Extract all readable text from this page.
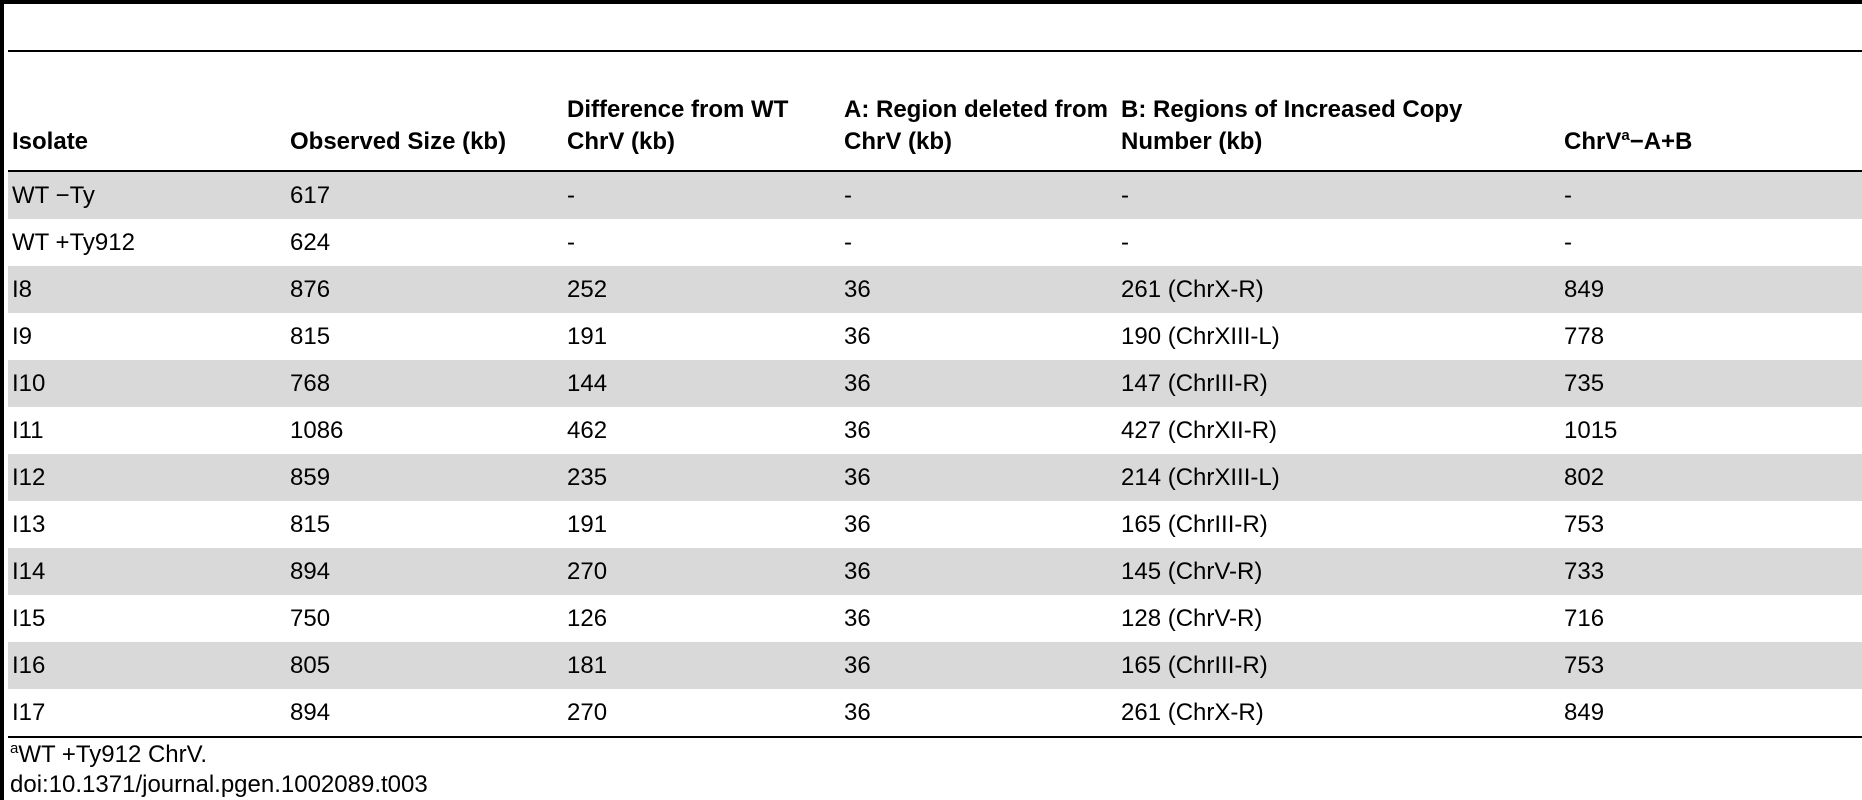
Isolate	Observed Size (kb)	Difference from WT ChrV (kb)	A: Region deleted from ChrV (kb)	B: Regions of Increased Copy Number (kb)	ChrV$^a$−A+B
WT −Ty	617	-	-	-	-
WT +Ty912	624	-	-	-	-
I8	876	252	36	261 (ChrX-R)	849
I9	815	191	36	190 (ChrXIII-L)	778
I10	768	144	36	147 (ChrIII-R)	735
I11	1086	462	36	427 (ChrXII-R)	1015
I12	859	235	36	214 (ChrXIII-L)	802
I13	815	191	36	165 (ChrIII-R)	753
I14	894	270	36	145 (ChrV-R)	733
I15	750	126	36	128 (ChrV-R)	716
I16	805	181	36	165 (ChrIII-R)	753
I17	894	270	36	261 (ChrX-R)	849
$^a$WT +Ty912 ChrV.
doi:10.1371/journal.pgen.1002089.t003
